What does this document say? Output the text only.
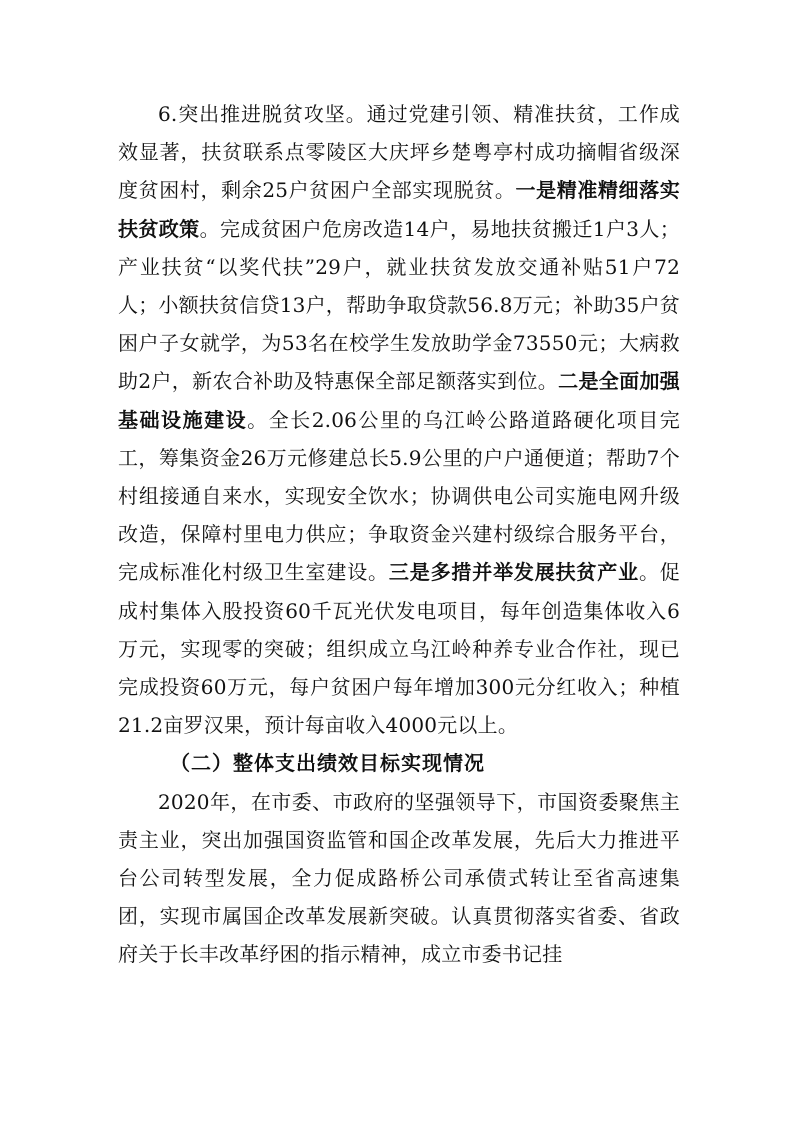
6.突出推进脱贫攻坚。通过党建引领、精准扶贫，工作成效显著，扶贫联系点零陵区大庆坪乡楚粤亭村成功摘帽省级深度贫困村，剩余25户贫困户全部实现脱贫。一是精准精细落实扶贫政策。完成贫困户危房改造14户，易地扶贫搬迁1户3人；产业扶贫“以奖代扶”29户，就业扶贫发放交通补贴51户72人；小额扶贫信贷13户，帮助争取贷款56.8万元；补助35户贫困户子女就学，为53名在校学生发放助学金73550元；大病救助2户，新农合补助及特惠保全部足额落实到位。二是全面加强基础设施建设。全长2.06公里的乌江岭公路道路硬化项目完工，筹集资金26万元修建总长5.9公里的户户通便道；帮助7个村组接通自来水，实现安全饮水；协调供电公司实施电网升级改造，保障村里电力供应；争取资金兴建村级综合服务平台，完成标准化村级卫生室建设。三是多措并举发展扶贫产业。促成村集体入股投资60千瓦光伏发电项目，每年创造集体收入6万元，实现零的突破；组织成立乌江岭种养专业合作社，现已完成投资60万元，每户贫困户每年增加300元分红收入；种植21.2亩罗汉果，预计每亩收入4000元以上。

（二）整体支出绩效目标实现情况

2020年，在市委、市政府的坚强领导下，市国资委聚焦主责主业，突出加强国资监管和国企改革发展，先后大力推进平台公司转型发展，全力促成路桥公司承债式转让至省高速集团，实现市属国企改革发展新突破。认真贯彻落实省委、省政府关于长丰改革纾困的指示精神，成立市委书记挂
